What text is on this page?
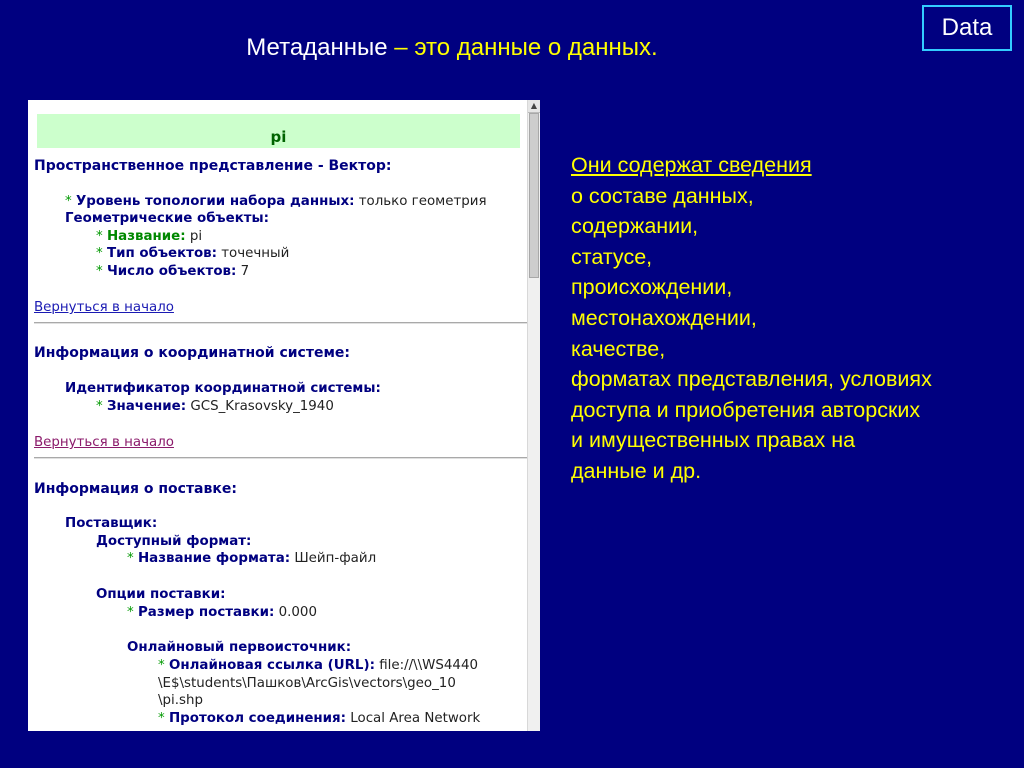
Метаданные – это данные о данных.
Data
pi
Пространственное представление - Вектор:
* Уровень топологии набора данных: только геометрия
Геометрические объекты:
* Название: pi
* Тип объектов: точечный
* Число объектов: 7
Вернуться в начало
Информация о координатной системе:
Идентификатор координатной системы:
* Значение: GCS_Krasovsky_1940
Вернуться в начало
Информация о поставке:
Поставщик:
Доступный формат:
* Название формата: Шейп-файл
Опции поставки:
* Размер поставки: 0.000
Онлайновый первоисточник:
* Онлайновая ссылка (URL): file://\\WS4440
\E$\students\Пашков\ArcGis\vectors\geo_10
\pi.shp
* Протокол соединения: Local Area Network
▲
Они содержат сведения
о составе данных,
содержании,
статусе,
происхождении,
местонахождении,
качестве,
форматах представления, условиях
доступа и приобретения авторских
и имущественных правах на
данные и др.
